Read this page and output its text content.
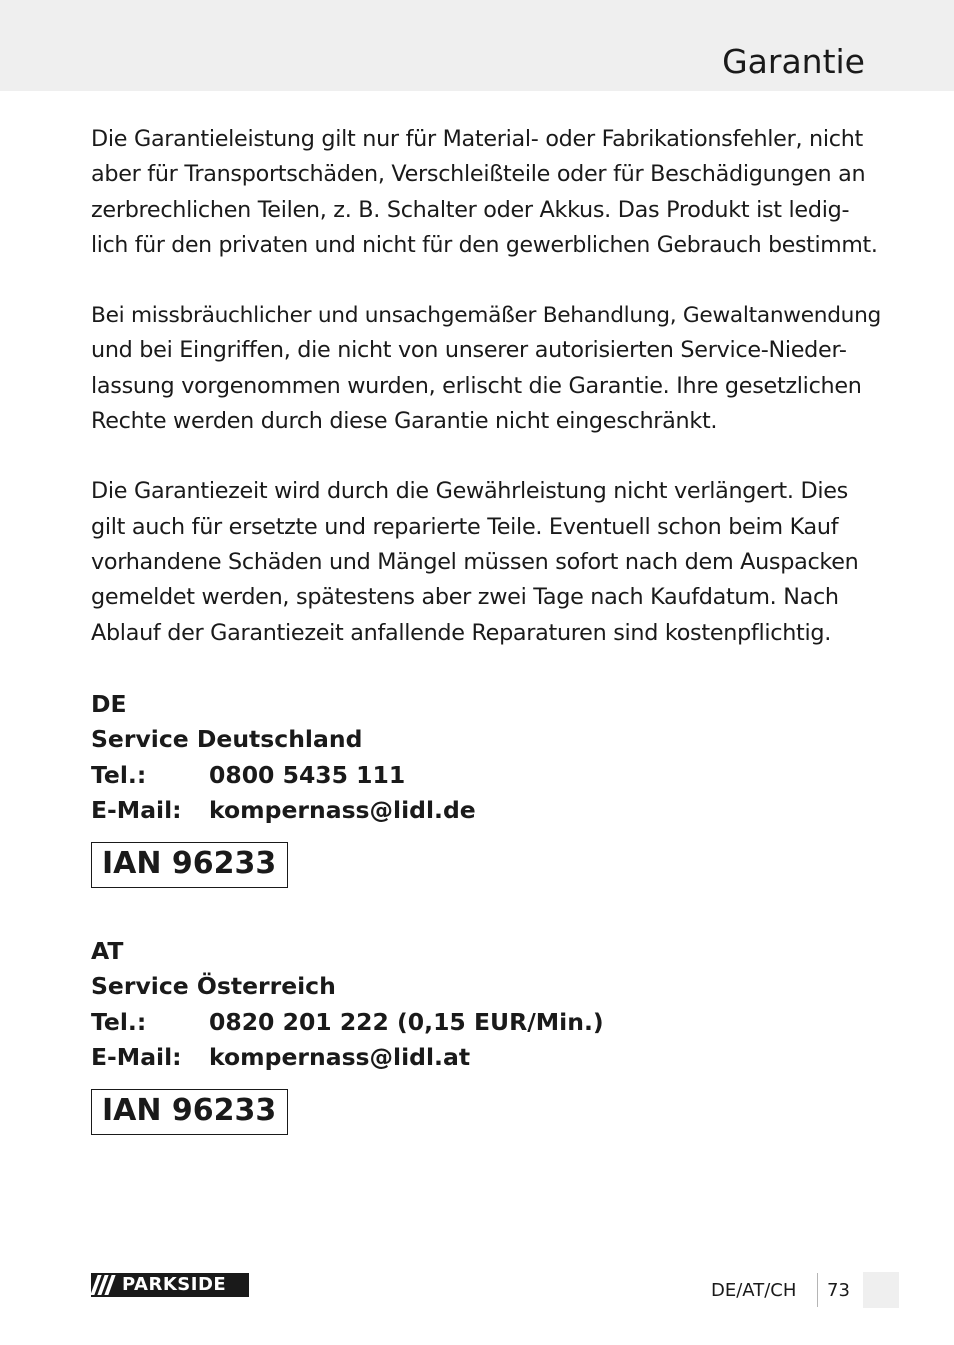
Garantie

Die Garantieleistung gilt nur für Material- oder Fabrikationsfehler, nicht
aber für Transportschäden, Verschleißteile oder für Beschädigungen an
zerbrechlichen Teilen, z. B. Schalter oder Akkus. Das Produkt ist ledig-
lich für den privaten und nicht für den gewerblichen Gebrauch bestimmt.

Bei missbräuchlicher und unsachgemäßer Behandlung, Gewaltanwendung
und bei Eingriffen, die nicht von unserer autorisierten Service-Nieder-
lassung vorgenommen wurden, erlischt die Garantie. Ihre gesetzlichen
Rechte werden durch diese Garantie nicht eingeschränkt.

Die Garantiezeit wird durch die Gewährleistung nicht verlängert. Dies
gilt auch für ersetzte und reparierte Teile. Eventuell schon beim Kauf
vorhandene Schäden und Mängel müssen sofort nach dem Auspacken
gemeldet werden, spätestens aber zwei Tage nach Kaufdatum. Nach
Ablauf der Garantiezeit anfallende Reparaturen sind kostenpflichtig.

DE
Service Deutschland
Tel.:	0800 5435 111
E-Mail: kompernass@lidl.de
IAN 96233
AT
Service Österreich
Tel.:	0820 201 222 (0,15 EUR/Min.)
E-Mail: kompernass@lidl.at
IAN 96233
PARKSIDE	DE/AT/CH 73
